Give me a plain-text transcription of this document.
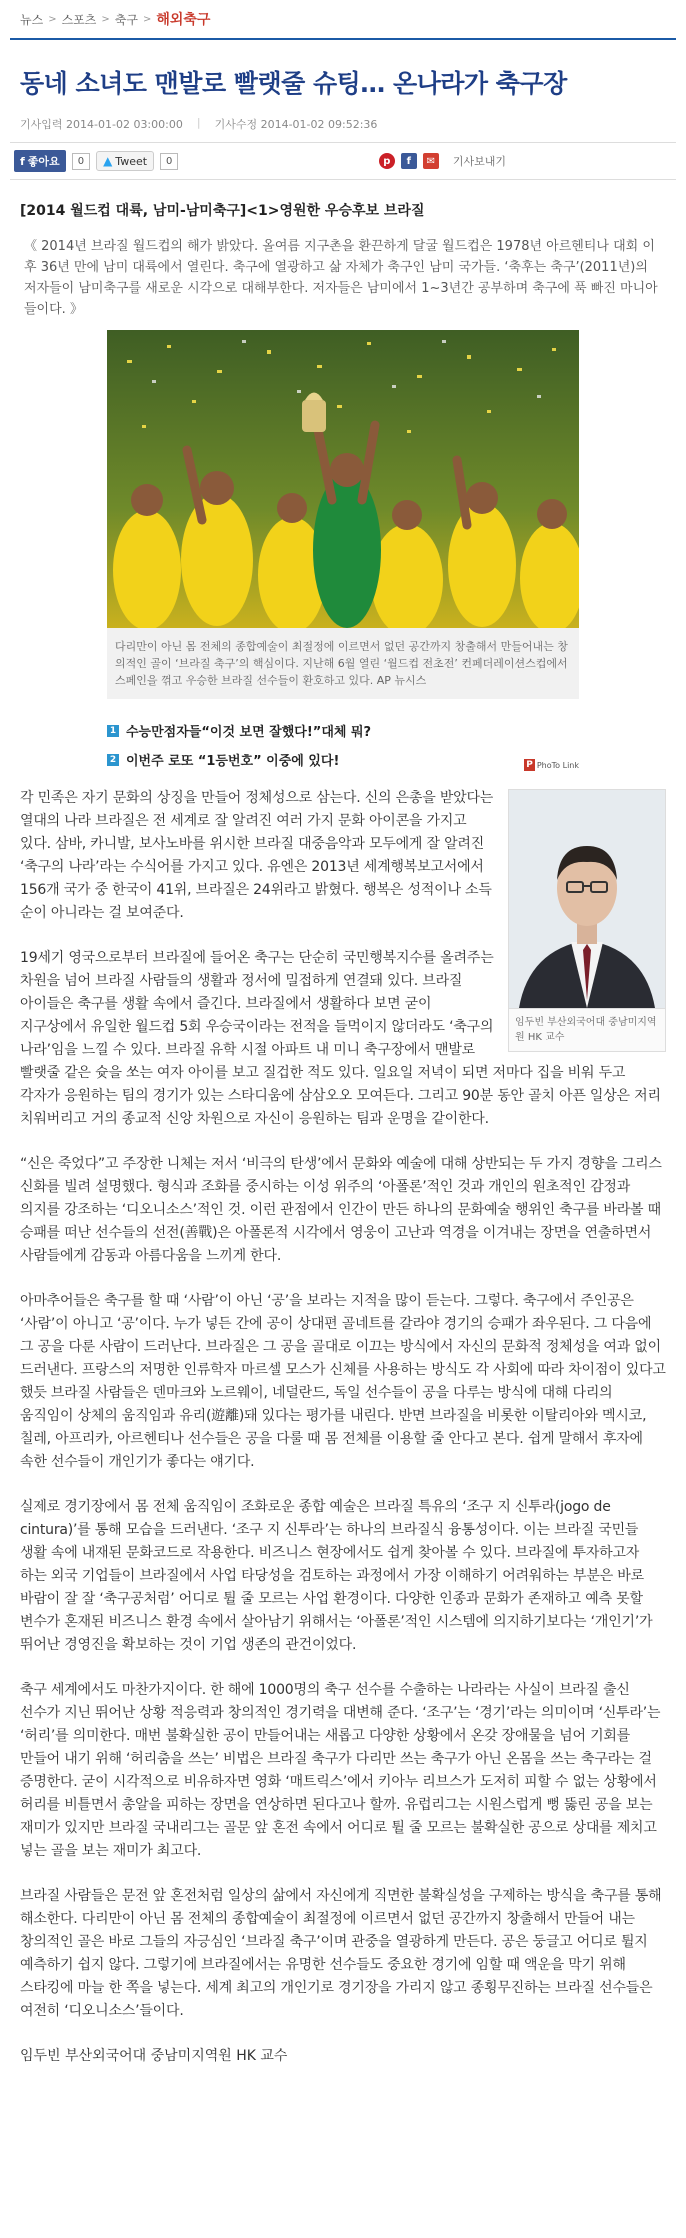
뉴스 > 스포츠 > 축구 > 해외축구
동네 소녀도 맨발로 빨랫줄 슈팅… 온나라가 축구장
기사입력 2014-01-02 03:00:00 | 기사수정 2014-01-02 09:52:36
f 좋아요	0	▲ Tweet	0	p	f	✉	기사보내기
[2014 월드컵 대륙, 남미-남미축구]<1>영원한 우승후보 브라질

《 2014년 브라질 월드컵의 해가 밝았다. 올여름 지구촌을 환끈하게 달굴 월드컵은 1978년 아르헨티나 대회 이후 36년 만에 남미 대륙에서 열린다. 축구에 열광하고 삶 자체가 축구인 남미 국가들. ‘축후는 축구’(2011년)의 저자들이 남미축구를 새로운 시각으로 대해부한다. 저자들은 남미에서 1~3년간 공부하며 축구에 푹 빠진 마니아들이다. 》

다리만이 아닌 몸 전체의 종합예술이 최절정에 이르면서 없던 공간까지 창출해서 만들어내는 창의적인 골이 ‘브라질 축구’의 핵심이다. 지난해 6월 열린 ‘월드컵 전초전’ 컨페더레이션스컵에서 스페인을 꺾고 우승한 브라질 선수들이 환호하고 있다. AP 뉴시스

1 수능만점자들“이것 보면 잘했다!”대체 뭐?
2 이번주 로또 “1등번호” 이중에 있다!	P PhoTo Link

임두빈 부산외국어대 중남미지역원 HK 교수

각 민족은 자기 문화의 상징을 만들어 정체성으로 삼는다. 신의 은총을 받았다는 열대의 나라 브라질은 전 세계로 잘 알려진 여러 가지 문화 아이콘을 가지고 있다. 삼바, 카니발, 보사노바를 위시한 브라질 대중음악과 모두에게 잘 알려진 ‘축구의 나라’라는 수식어를 가지고 있다. 유엔은 2013년 세계행복보고서에서 156개 국가 중 한국이 41위, 브라질은 24위라고 밝혔다. 행복은 성적이나 소득 순이 아니라는 걸 보여준다.

19세기 영국으로부터 브라질에 들어온 축구는 단순히 국민행복지수를 올려주는 차원을 넘어 브라질 사람들의 생활과 정서에 밀접하게 연결돼 있다. 브라질 아이들은 축구를 생활 속에서 즐긴다. 브라질에서 생활하다 보면 굳이 지구상에서 유일한 월드컵 5회 우승국이라는 전적을 들먹이지 않더라도 ‘축구의 나라’임을 느낄 수 있다. 브라질 유학 시절 아파트 내 미니 축구장에서 맨발로 빨랫줄 같은 슛을 쏘는 여자 아이를 보고 질겁한 적도 있다. 일요일 저녁이 되면 저마다 집을 비워 두고 각자가 응원하는 팀의 경기가 있는 스타디움에 삼삼오오 모여든다. 그리고 90분 동안 골치 아픈 일상은 저리 치워버리고 거의 종교적 신앙 차원으로 자신이 응원하는 팀과 운명을 같이한다.

“신은 죽었다”고 주장한 니체는 저서 ‘비극의 탄생’에서 문화와 예술에 대해 상반되는 두 가지 경향을 그리스 신화를 빌려 설명했다. 형식과 조화를 중시하는 이성 위주의 ‘아폴론’적인 것과 개인의 원초적인 감정과 의지를 강조하는 ‘디오니소스’적인 것. 이런 관점에서 인간이 만든 하나의 문화예술 행위인 축구를 바라볼 때 승패를 떠난 선수들의 선전(善戰)은 아폴론적 시각에서 영웅이 고난과 역경을 이겨내는 장면을 연출하면서 사람들에게 감동과 아름다움을 느끼게 한다.

아마추어들은 축구를 할 때 ‘사람’이 아닌 ‘공’을 보라는 지적을 많이 듣는다. 그렇다. 축구에서 주인공은 ‘사람’이 아니고 ‘공’이다. 누가 넣든 간에 공이 상대편 골네트를 갈라야 경기의 승패가 좌우된다. 그 다음에 그 공을 다룬 사람이 드러난다. 브라질은 그 공을 골대로 이끄는 방식에서 자신의 문화적 정체성을 여과 없이 드러낸다. 프랑스의 저명한 인류학자 마르셀 모스가 신체를 사용하는 방식도 각 사회에 따라 차이점이 있다고 했듯 브라질 사람들은 덴마크와 노르웨이, 네덜란드, 독일 선수들이 공을 다루는 방식에 대해 다리의 움직임이 상체의 움직임과 유리(遊離)돼 있다는 평가를 내린다. 반면 브라질을 비롯한 이탈리아와 멕시코, 칠레, 아프리카, 아르헨티나 선수들은 공을 다룰 때 몸 전체를 이용할 줄 안다고 본다. 쉽게 말해서 후자에 속한 선수들이 개인기가 좋다는 얘기다.

실제로 경기장에서 몸 전체 움직임이 조화로운 종합 예술은 브라질 특유의 ‘조구 지 신투라(jogo de cintura)’를 통해 모습을 드러낸다. ‘조구 지 신투라’는 하나의 브라질식 융통성이다. 이는 브라질 국민들 생활 속에 내재된 문화코드로 작용한다. 비즈니스 현장에서도 쉽게 찾아볼 수 있다. 브라질에 투자하고자 하는 외국 기업들이 브라질에서 사업 타당성을 검토하는 과정에서 가장 이해하기 어려워하는 부분은 바로 바람이 잘 잘 ‘축구공처럼’ 어디로 튈 줄 모르는 사업 환경이다. 다양한 인종과 문화가 존재하고 예측 못할 변수가 혼재된 비즈니스 환경 속에서 살아남기 위해서는 ‘아폴론’적인 시스템에 의지하기보다는 ‘개인기’가 뛰어난 경영진을 확보하는 것이 기업 생존의 관건이었다.

축구 세계에서도 마찬가지이다. 한 해에 1000명의 축구 선수를 수출하는 나라라는 사실이 브라질 출신 선수가 지닌 뛰어난 상황 적응력과 창의적인 경기력을 대변해 준다. ‘조구’는 ‘경기’라는 의미이며 ‘신투라’는 ‘허리’를 의미한다. 매번 불확실한 공이 만들어내는 새롭고 다양한 상황에서 온갖 장애물을 넘어 기회를 만들어 내기 위해 ‘허리춤을 쓰는’ 비법은 브라질 축구가 다리만 쓰는 축구가 아닌 온몸을 쓰는 축구라는 걸 증명한다. 굳이 시각적으로 비유하자면 영화 ‘매트릭스’에서 키아누 리브스가 도저히 피할 수 없는 상황에서 허리를 비틀면서 총알을 피하는 장면을 연상하면 된다고나 할까. 유럽리그는 시원스럽게 뻥 뚫린 공을 보는 재미가 있지만 브라질 국내리그는 골문 앞 혼전 속에서 어디로 튈 줄 모르는 불확실한 공으로 상대를 제치고 넣는 골을 보는 재미가 최고다.

브라질 사람들은 문전 앞 혼전처럼 일상의 삶에서 자신에게 직면한 불확실성을 구제하는 방식을 축구를 통해 해소한다. 다리만이 아닌 몸 전체의 종합예술이 최절정에 이르면서 없던 공간까지 창출해서 만들어 내는 창의적인 골은 바로 그들의 자긍심인 ‘브라질 축구’이며 관중을 열광하게 만든다. 공은 둥글고 어디로 튈지 예측하기 쉽지 않다. 그렇기에 브라질에서는 유명한 선수들도 중요한 경기에 임할 때 액운을 막기 위해 스타킹에 마늘 한 쪽을 넣는다. 세계 최고의 개인기로 경기장을 가리지 않고 종횡무진하는 브라질 선수들은 여전히 ‘디오니소스’들이다.

임두빈 부산외국어대 중남미지역원 HK 교수
